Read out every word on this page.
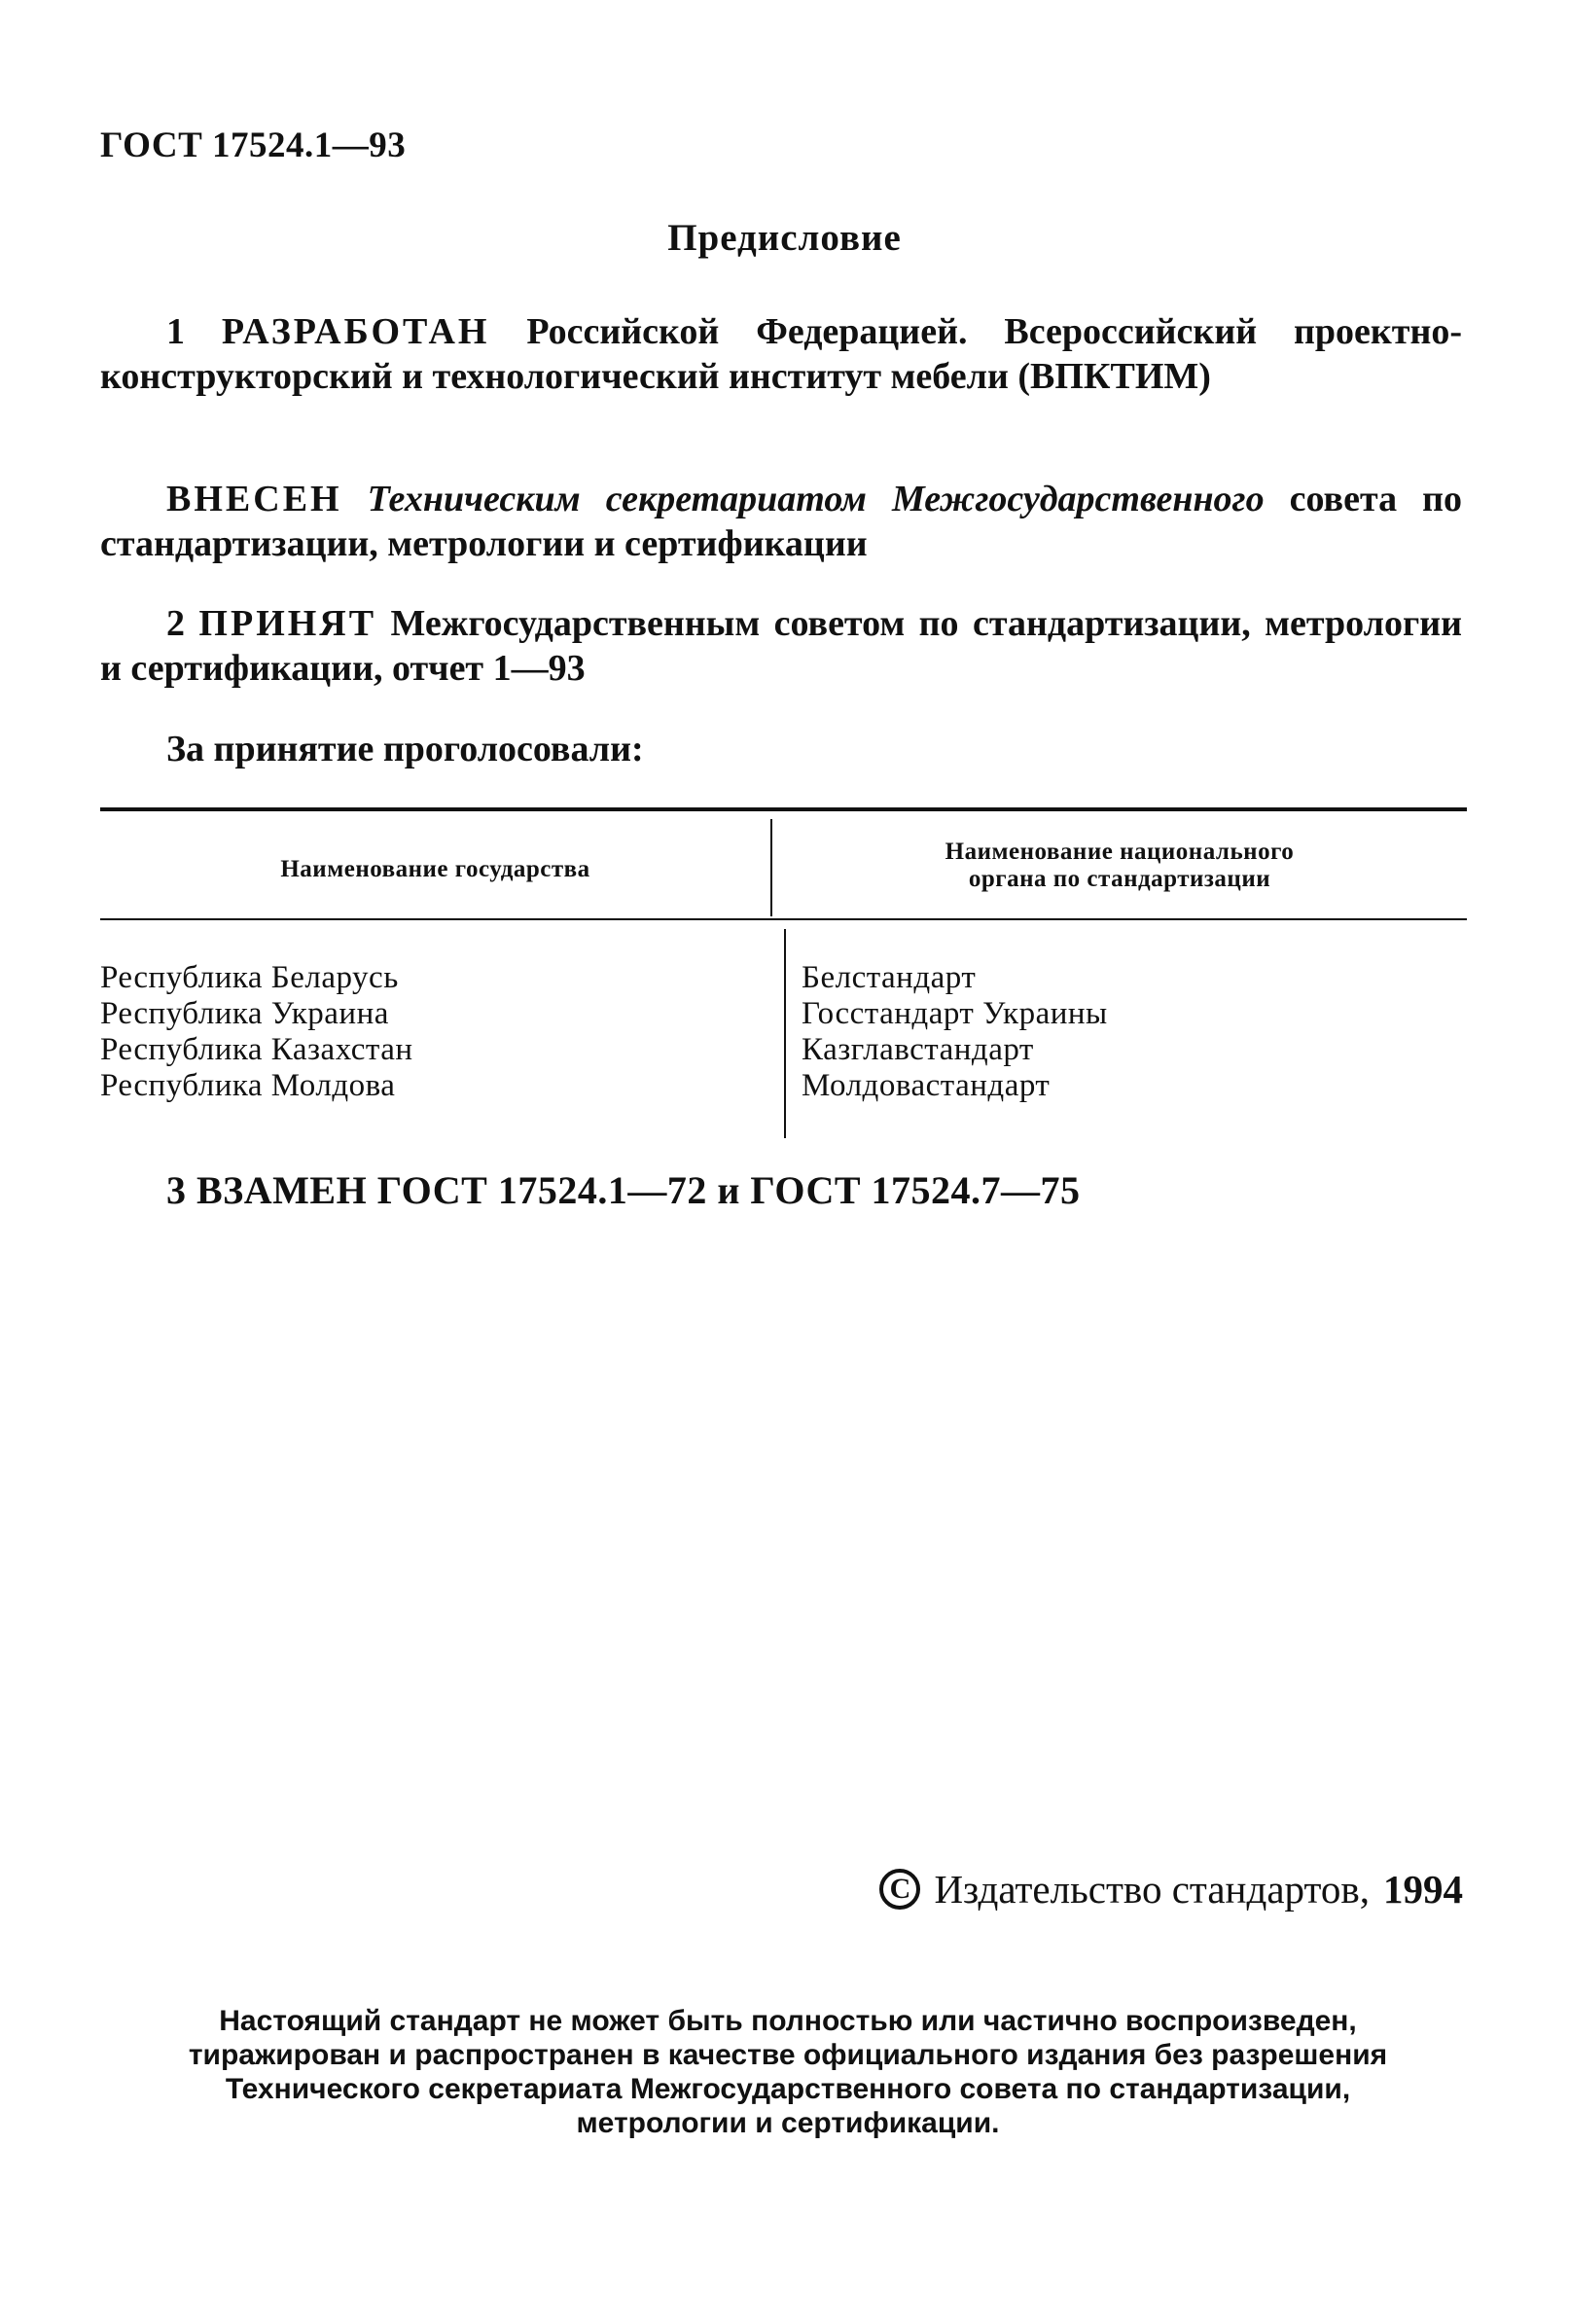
ГОСТ 17524.1—93
Предисловие
1 РАЗРАБОТАН Российской Федерацией. Всероссийский проектно-конструкторский и технологический институт мебели (ВПКТИМ)
ВНЕСЕН Техническим секретариатом Межгосударственного совета по стандартизации, метрологии и сертификации
2 ПРИНЯТ Межгосударственным советом по стандартизации, метрологии и сертификации, отчет 1—93
За принятие проголосовали:
Наименование государства
Наименование национального
органа по стандартизации
Республика Беларусь
Республика Украина
Республика Казахстан
Республика Молдова
Белстандарт
Госстандарт Украины
Казглавстандарт
Молдовастандарт
3 ВЗАМЕН ГОСТ 17524.1—72 и ГОСТ 17524.7—75
C Издательство стандартов, 1994
Настоящий стандарт не может быть полностью или частично воспроизведен,
тиражирован и распространен в качестве официального издания без разрешения
Технического секретариата Межгосударственного совета по стандартизации,
метрологии и сертификации.
